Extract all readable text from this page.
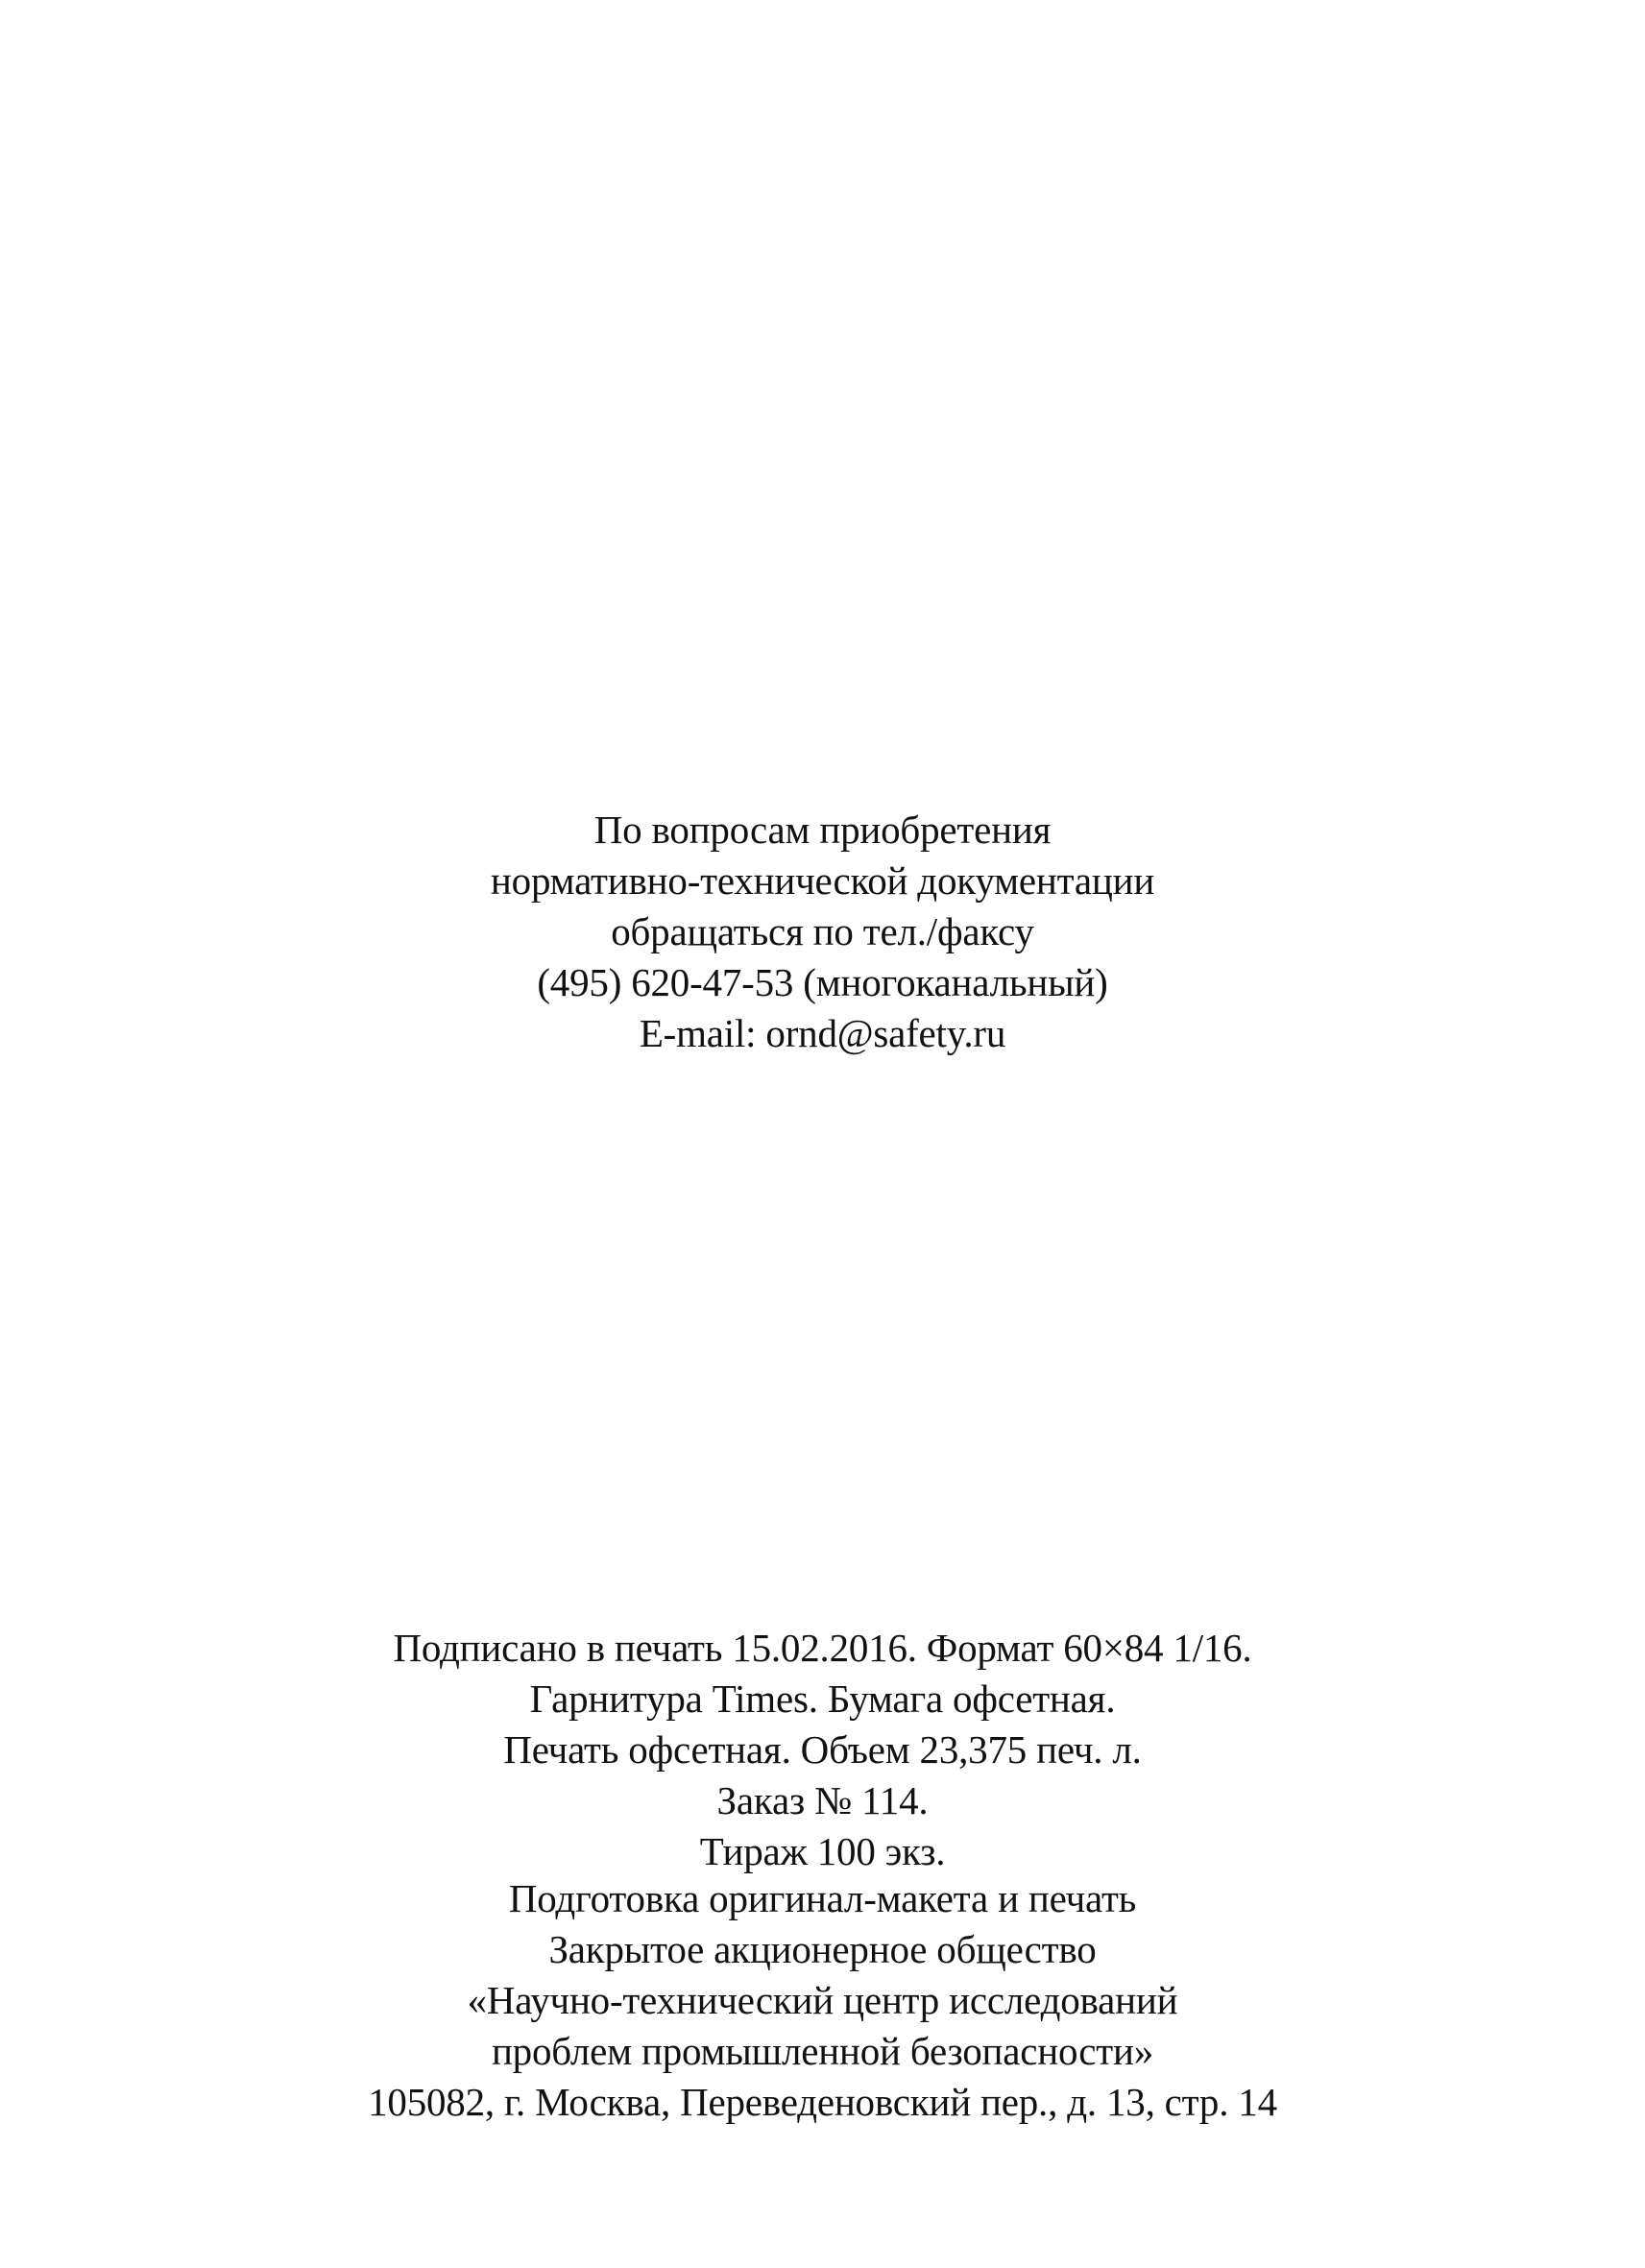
По вопросам приобретения
нормативно-технической документации
обращаться по тел./факсу
(495) 620-47-53 (многоканальный)
E-mail: ornd@safety.ru
Подписано в печать 15.02.2016. Формат 60×84 1/16.
Гарнитура Times. Бумага офсетная.
Печать офсетная. Объем 23,375 печ. л.
Заказ № 114.
Тираж 100 экз.
Подготовка оригинал-макета и печать
Закрытое акционерное общество
«Научно-технический центр исследований
проблем промышленной безопасности»
105082, г. Москва, Переведеновский пер., д. 13, стр. 14
